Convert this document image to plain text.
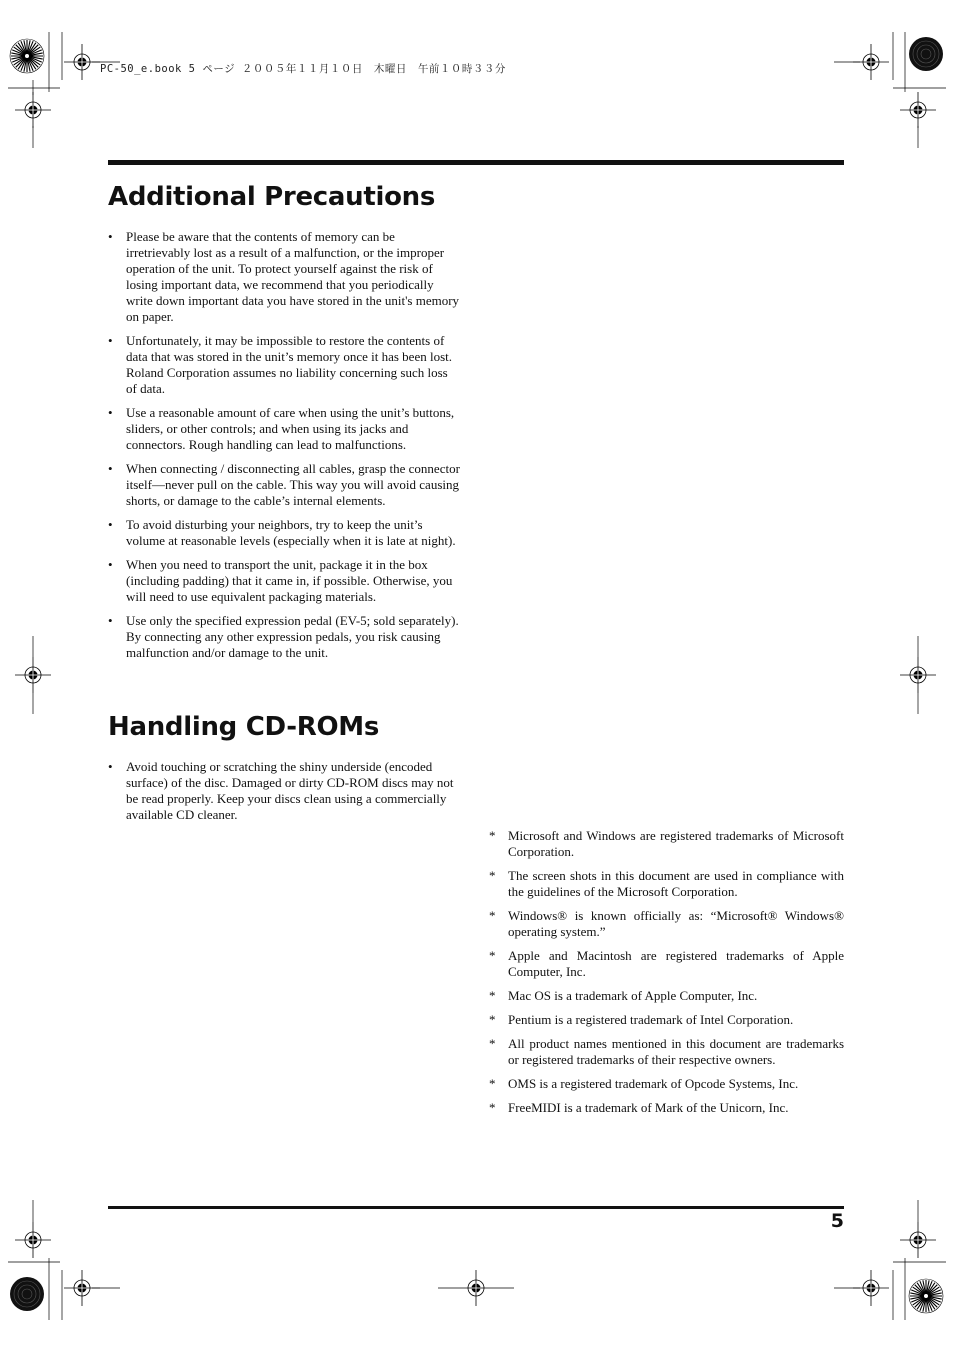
PC-50_e.book 5 ページ ２００５年１１月１０日　木曜日　午前１０時３３分
Additional Precautions
• Please be aware that the contents of memory can be irretrievably lost as a result of a malfunction, or the improper operation of the unit. To protect yourself against the risk of losing important data, we recommend that you periodically write down important data you have stored in the unit's memory on paper.
• Unfortunately, it may be impossible to restore the contents of data that was stored in the unit’s memory once it has been lost. Roland Corporation assumes no liability concerning such loss of data.
• Use a reasonable amount of care when using the unit’s buttons, sliders, or other controls; and when using its jacks and connectors. Rough handling can lead to malfunctions.
• When connecting / disconnecting all cables, grasp the connector itself—never pull on the cable. This way you will avoid causing shorts, or damage to the cable’s internal elements.
• To avoid disturbing your neighbors, try to keep the unit’s volume at reasonable levels (especially when it is late at night).
• When you need to transport the unit, package it in the box (including padding) that it came in, if possible. Otherwise, you will need to use equivalent packaging materials.
• Use only the specified expression pedal (EV-5; sold separately). By connecting any other expression pedals, you risk causing malfunction and/or damage to the unit.
Handling CD-ROMs
• Avoid touching or scratching the shiny underside (encoded surface) of the disc. Damaged or dirty CD-ROM discs may not be read properly. Keep your discs clean using a commercially available CD cleaner.
* Microsoft and Windows are registered trademarks of Microsoft Corporation.
* The screen shots in this document are used in compliance with the guidelines of the Microsoft Corporation.
* Windows® is known officially as: “Microsoft® Windows® operating system.”
* Apple and Macintosh are registered trademarks of Apple Computer, Inc.
* Mac OS is a trademark of Apple Computer, Inc.
* Pentium is a registered trademark of Intel Corporation.
* All product names mentioned in this document are trademarks or registered trademarks of their respective owners.
* OMS is a registered trademark of Opcode Systems, Inc.
* FreeMIDI is a trademark of Mark of the Unicorn, Inc.
5
